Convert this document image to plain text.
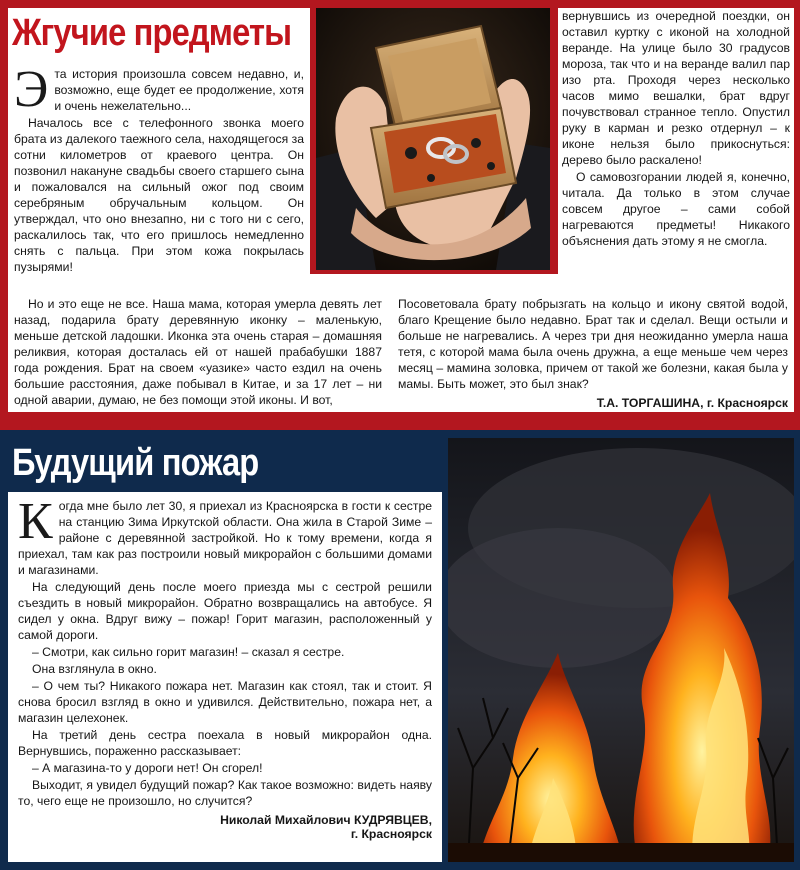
Жгучие предметы

Эта история произошла совсем недавно, и, возможно, еще будет ее продолжение, хотя и очень нежелательно...

Началось все с телефонного звонка моего брата из далекого таежного села, находящегося за сотни километров от краевого центра. Он позвонил накануне свадьбы своего старшего сына и пожаловался на сильный ожог под своим серебряным обручальным кольцом. Он утверждал, что оно внезапно, ни с того ни с сего, раскалилось так, что его пришлось немедленно снять с пальца. При этом кожа покрылась пузырями!

вернувшись из очередной поездки, он оставил куртку с иконой на холодной веранде. На улице было 30 градусов мороза, так что и на веранде валил пар изо рта. Проходя через несколько часов мимо вешалки, брат вдруг почувствовал странное тепло. Опустил руку в карман и резко отдернул – к иконе нельзя было прикоснуться: дерево было раскалено!

О самовозгорании людей я, конечно, читала. Да только в этом случае совсем другое – сами собой нагреваются предметы! Никакого объяснения дать этому я не смогла.

Но и это еще не все. Наша мама, которая умерла девять лет назад, подарила брату деревянную иконку – маленькую, меньше детской ладошки. Иконка эта очень старая – домашняя реликвия, которая досталась ей от нашей прабабушки 1887 года рождения. Брат на своем «уазике» часто ездил на очень большие расстояния, даже побывал в Китае, и за 17 лет – ни одной аварии, думаю, не без помощи этой иконы. И вот,

Посоветовала брату побрызгать на кольцо и икону святой водой, благо Крещение было недавно. Брат так и сделал. Вещи остыли и больше не нагревались. А через три дня неожиданно умерла наша тетя, с которой мама была очень дружна, а еще меньше чем через месяц – мамина золовка, причем от такой же болезни, какая была у мамы. Быть может, это был знак?

Т.А. ТОРГАШИНА, г. Красноярск

Будущий пожар

Когда мне было лет 30, я приехал из Красноярска в гости к сестре на станцию Зима Иркутской области. Она жила в Старой Зиме – районе с деревянной застройкой. Но к тому времени, когда я приехал, там как раз построили новый микрорайон с большими домами и магазинами.

На следующий день после моего приезда мы с сестрой решили съездить в новый микрорайон. Обратно возвращались на автобусе. Я сидел у окна. Вдруг вижу – пожар! Горит магазин, расположенный у самой дороги.

– Смотри, как сильно горит магазин! – сказал я сестре.

Она взглянула в окно.

– О чем ты? Никакого пожара нет. Магазин как стоял, так и стоит. Я снова бросил взгляд в окно и удивился. Действительно, пожара нет, а магазин целехонек.

На третий день сестра поехала в новый микрорайон одна. Вернувшись, пораженно рассказывает:

– А магазина-то у дороги нет! Он сгорел!

Выходит, я увидел будущий пожар? Как такое возможно: видеть наяву то, чего еще не произошло, но случится?

Николай Михайлович КУДРЯВЦЕВ,

г. Красноярск
